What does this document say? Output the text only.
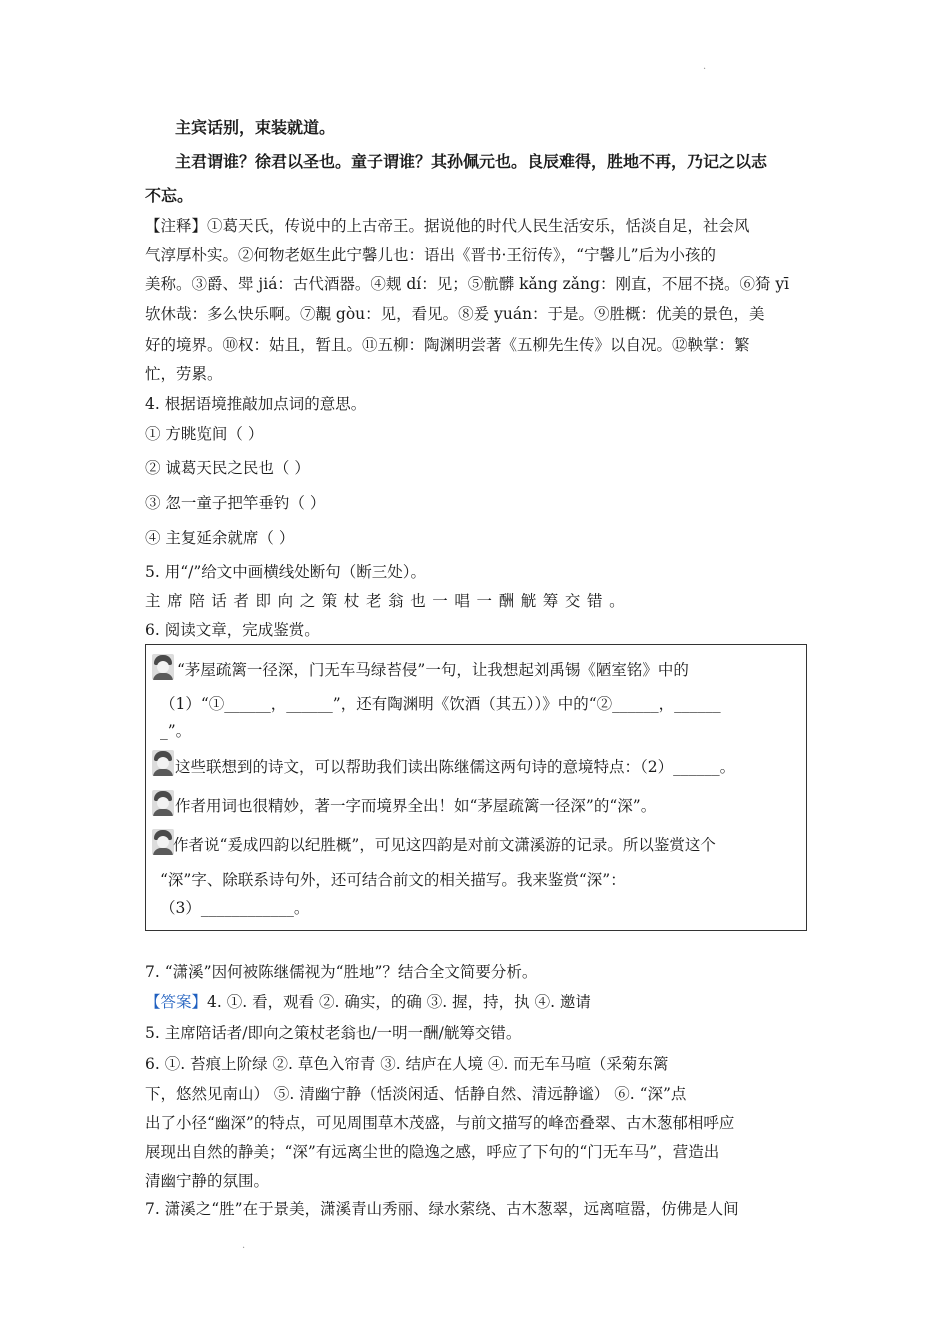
·
主宾话别，束装就道。
主君谓谁？徐君以圣也。童子谓谁？其孙佩元也。良辰难得，胜地不再，乃记之以志
不忘。
【注释】①葛天氏，传说中的上古帝王。据说他的时代人民生活安乐，恬淡自足，社会风
气淳厚朴实。②何物老妪生此宁馨儿也：语出《晋书·王衍传》，“宁馨儿”后为小孩的
美称。③爵、斝 jiá：古代酒器。④觌 dí：见；⑤骯髒 kǎng zǎng：刚直，不屈不挠。⑥猗 yī
欤休哉：多么快乐啊。⑦覯 gòu：见，看见。⑧爰 yuán：于是。⑨胜概：优美的景色，美
好的境界。⑩权：姑且，暂且。⑪五柳：陶渊明尝著《五柳先生传》以自况。⑫鞅掌：繁
忙，劳累。
4. 根据语境推敲加点词的意思。
① 方眺览间（ ）
② 诚葛天民之民也（ ）
③ 忽一童子把竿垂钓（ ）
④ 主复延余就席（ ）
5. 用“/”给文中画横线处断句（断三处）。
主席陪话者即向之策杖老翁也一唱一酬觥筹交错。
6. 阅读文章，完成鉴赏。
“茅屋疏篱一径深，门无车马绿苔侵”一句，让我想起刘禹锡《陋室铭》中的
（1）“①______，______”，还有陶渊明《饮酒（其五））》中的“②______，______
_”。
这些联想到的诗文，可以帮助我们读出陈继儒这两句诗的意境特点：（2）______。
作者用词也很精妙，著一字而境界全出！如“茅屋疏篱一径深”的“深”。
作者说“爰成四韵以纪胜概”，可见这四韵是对前文潇溪游的记录。所以鉴赏这个
“深”字、除联系诗句外，还可结合前文的相关描写。我来鉴赏“深”：
（3）____________。
7. “潇溪”因何被陈继儒视为“胜地”？结合全文简要分析。
【答案】4. ①. 看，观看 ②. 确实，的确 ③. 握，持，执 ④. 邀请
5. 主席陪话者/即向之策杖老翁也/一明一酬/觥筹交错。
6. ①. 苔痕上阶绿 ②. 草色入帘青 ③. 结庐在人境 ④. 而无车马喧（采菊东篱
下，悠然见南山） ⑤. 清幽宁静（恬淡闲适、恬静自然、清远静谧） ⑥. “深”点
出了小径“幽深”的特点，可见周围草木茂盛，与前文描写的峰峦叠翠、古木葱郁相呼应
展现出自然的静美；“深”有远离尘世的隐逸之感，呼应了下句的“门无车马”，营造出
清幽宁静的氛围。
7. 潇溪之“胜”在于景美，潇溪青山秀丽、绿水萦绕、古木葱翠，远离喧嚣，仿佛是人间
·
